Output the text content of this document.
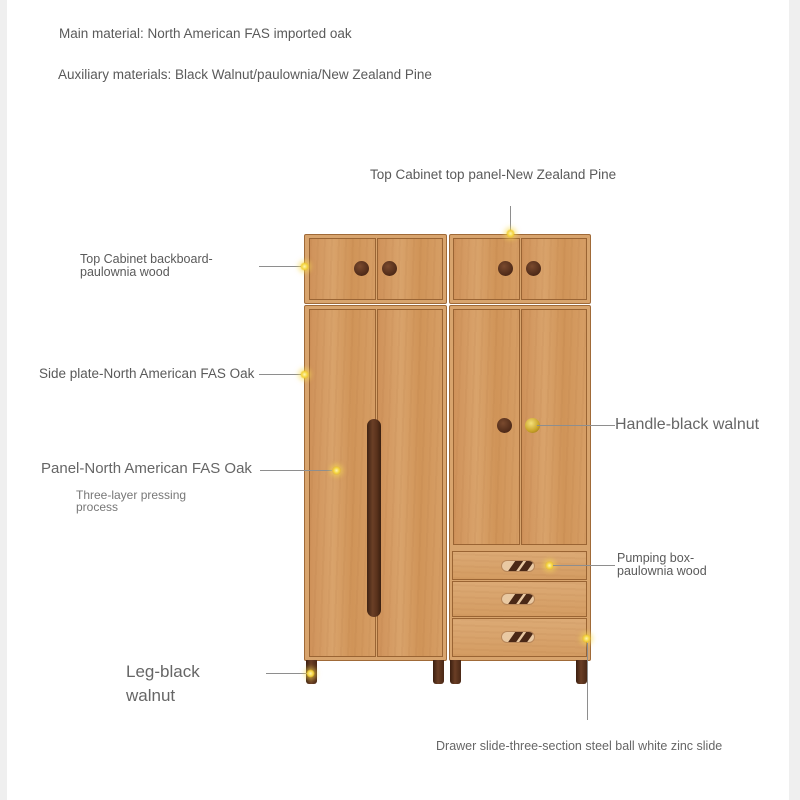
Main material: North American FAS imported oak
Auxiliary materials: Black Walnut/paulownia/New Zealand Pine
Top Cabinet top panel-New Zealand Pine
Top Cabinet backboard-
paulownia wood
Side plate-North American FAS Oak
Panel-North American FAS Oak
Three-layer pressing
process
Handle-black walnut
Pumping box-
paulownia wood
Leg-black
walnut
Drawer slide-three-section steel ball white zinc slide
